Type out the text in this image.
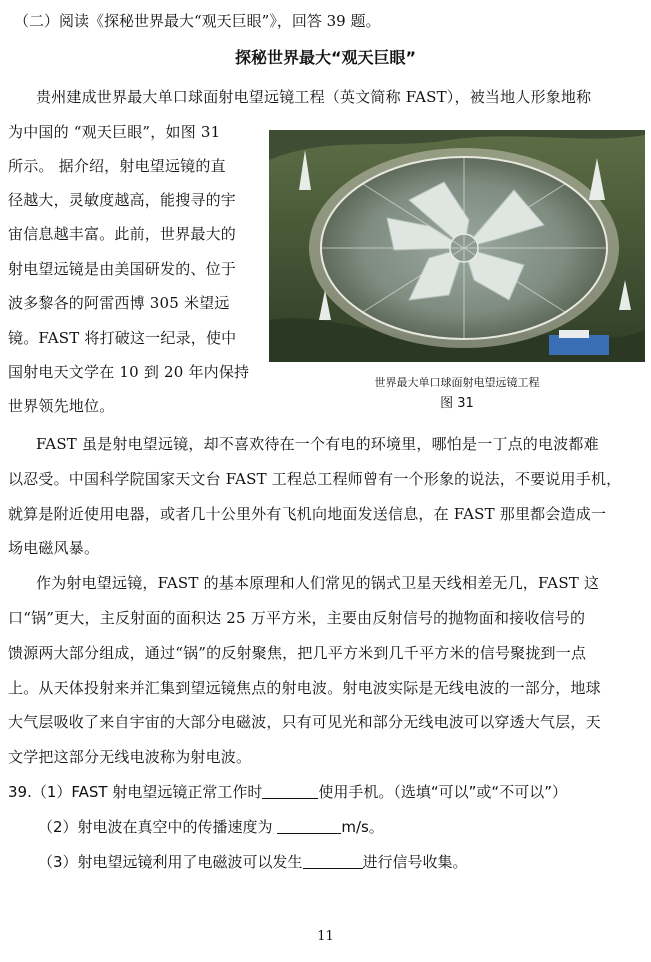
（二）阅读《探秘世界最大“观天巨眼”》，回答 39 题。
探秘世界最大“观天巨眼”
贵州建成世界最大单口球面射电望远镜工程（英文简称 FAST），被当地人形象地称
为中国的 “观天巨眼”，如图 31
所示。 据介绍，射电望远镜的直
径越大，灵敏度越高，能搜寻的宇
宙信息越丰富。此前，世界最大的
射电望远镜是由美国研发的、位于
波多黎各的阿雷西博 305 米望远
镜。FAST 将打破这一纪录，使中
国射电天文学在 10 到 20 年内保持
世界领先地位。
世界最大单口球面射电望远镜工程
图 31
FAST 虽是射电望远镜，却不喜欢待在一个有电的环境里，哪怕是一丁点的电波都难
以忍受。中国科学院国家天文台 FAST 工程总工程师曾有一个形象的说法，不要说用手机，
就算是附近使用电器，或者几十公里外有飞机向地面发送信息，在 FAST 那里都会造成一
场电磁风暴。
作为射电望远镜，FAST 的基本原理和人们常见的锅式卫星天线相差无几，FAST 这
口“锅”更大，主反射面的面积达 25 万平方米，主要由反射信号的抛物面和接收信号的
馈源两大部分组成，通过“锅”的反射聚焦，把几平方米到几千平方米的信号聚拢到一点
上。从天体投射来并汇集到望远镜焦点的射电波。射电波实际是无线电波的一部分，地球
大气层吸收了来自宇宙的大部分电磁波，只有可见光和部分无线电波可以穿透大气层，天
文学把这部分无线电波称为射电波。
39.（1）FAST 射电望远镜正常工作时	使用手机。（选填“可以”或“不可以”）
（2）射电波在真空中的传播速度为	m/s。
（3）射电望远镜利用了电磁波可以发生	进行信号收集。
11
